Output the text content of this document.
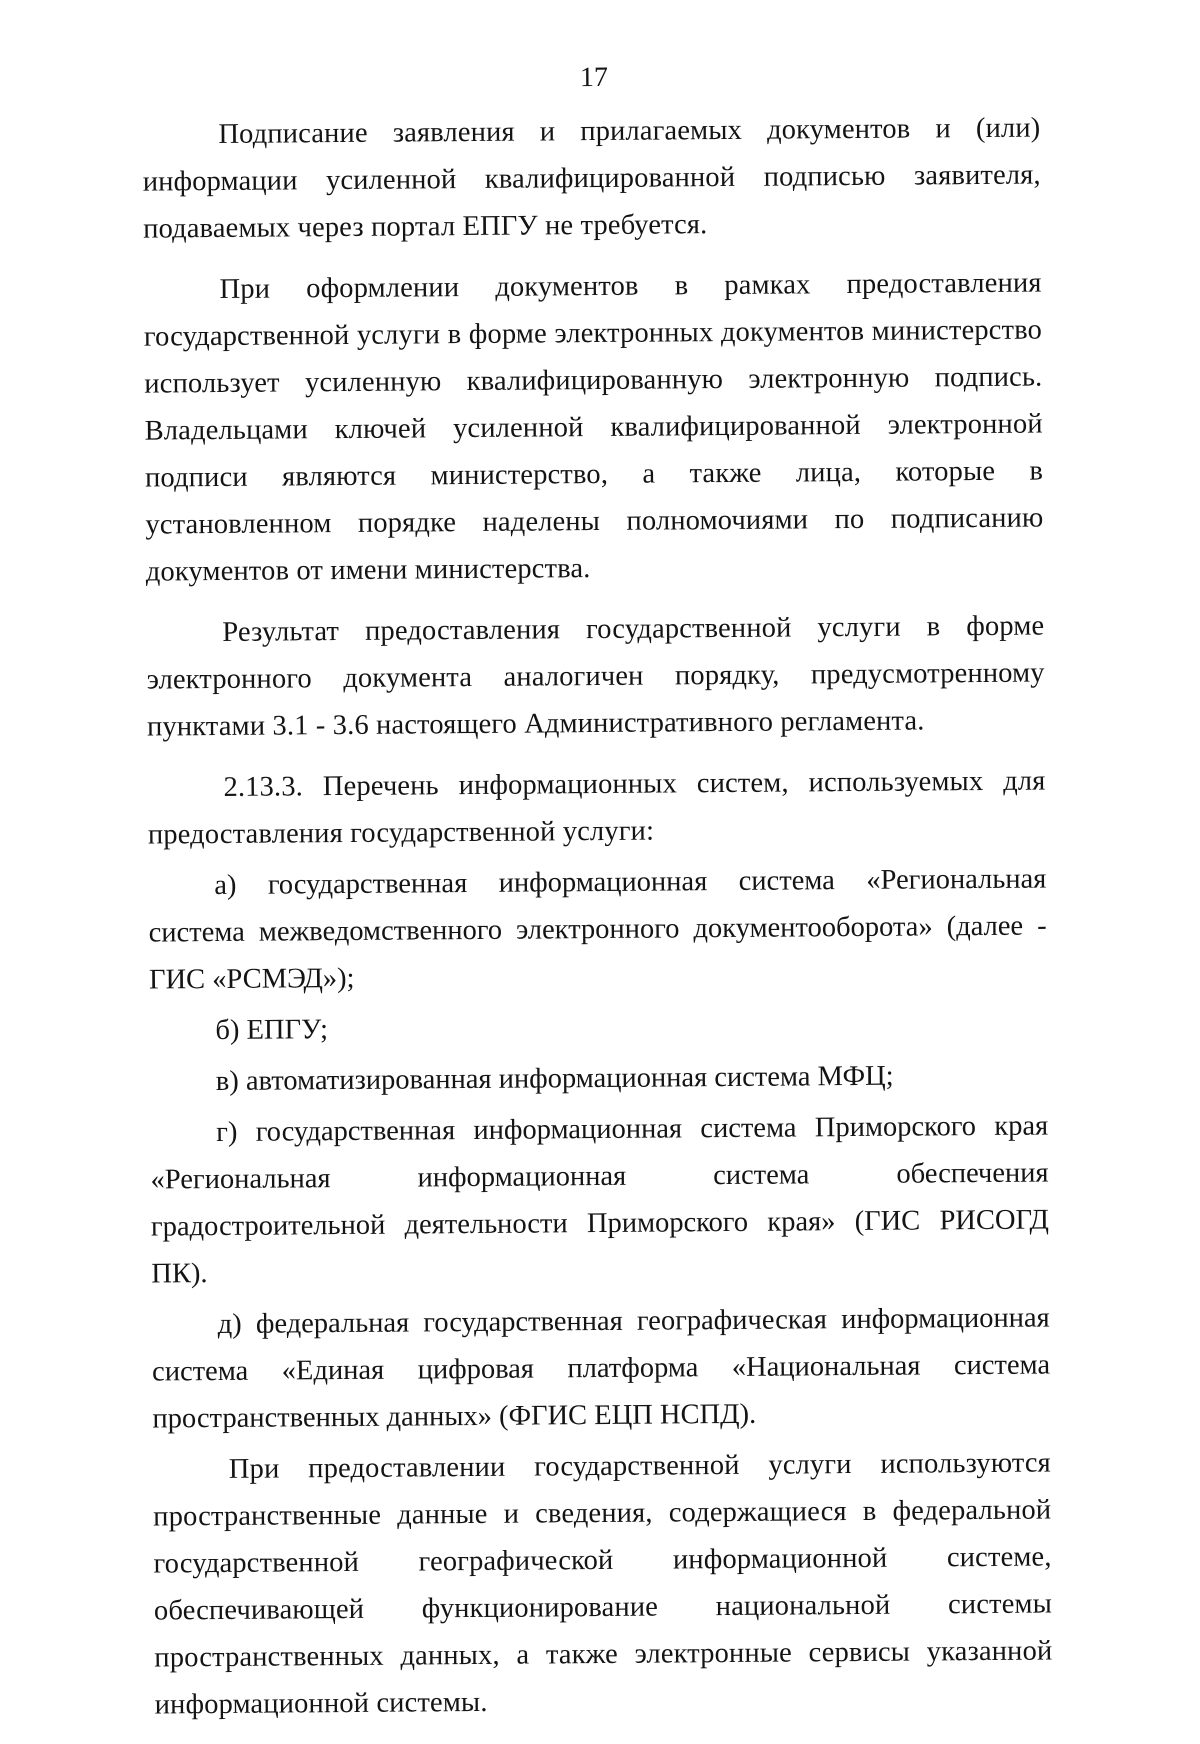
17

Подписание заявления и прилагаемых документов и (или) информации усиленной квалифицированной подписью заявителя, подаваемых через портал ЕПГУ не требуется.

При оформлении документов в рамках предоставления государственной услуги в форме электронных документов министерство использует усиленную квалифицированную электронную подпись. Владельцами ключей усиленной квалифицированной электронной подписи являются министерство, а также лица, которые в установленном порядке наделены полномочиями по подписанию документов от имени министерства.

Результат предоставления государственной услуги в форме электронного документа аналогичен порядку, предусмотренному пунктами 3.1 - 3.6 настоящего Административного регламента.

2.13.3. Перечень информационных систем, используемых для предоставления государственной услуги:

а) государственная информационная система «Региональная система межведомственного электронного документооборота» (далее - ГИС «РСМЭД»);

б) ЕПГУ;

в) автоматизированная информационная система МФЦ;

г) государственная информационная система Приморского края «Региональная информационная система обеспечения градостроительной деятельности Приморского края» (ГИС РИСОГД ПК).

д) федеральная государственная географическая информационная система «Единая цифровая платформа «Национальная система пространственных данных» (ФГИС ЕЦП НСПД).

При предоставлении государственной услуги используются пространственные данные и сведения, содержащиеся в федеральной государственной географической информационной системе, обеспечивающей функционирование национальной системы пространственных данных, а также электронные сервисы указанной информационной системы.
